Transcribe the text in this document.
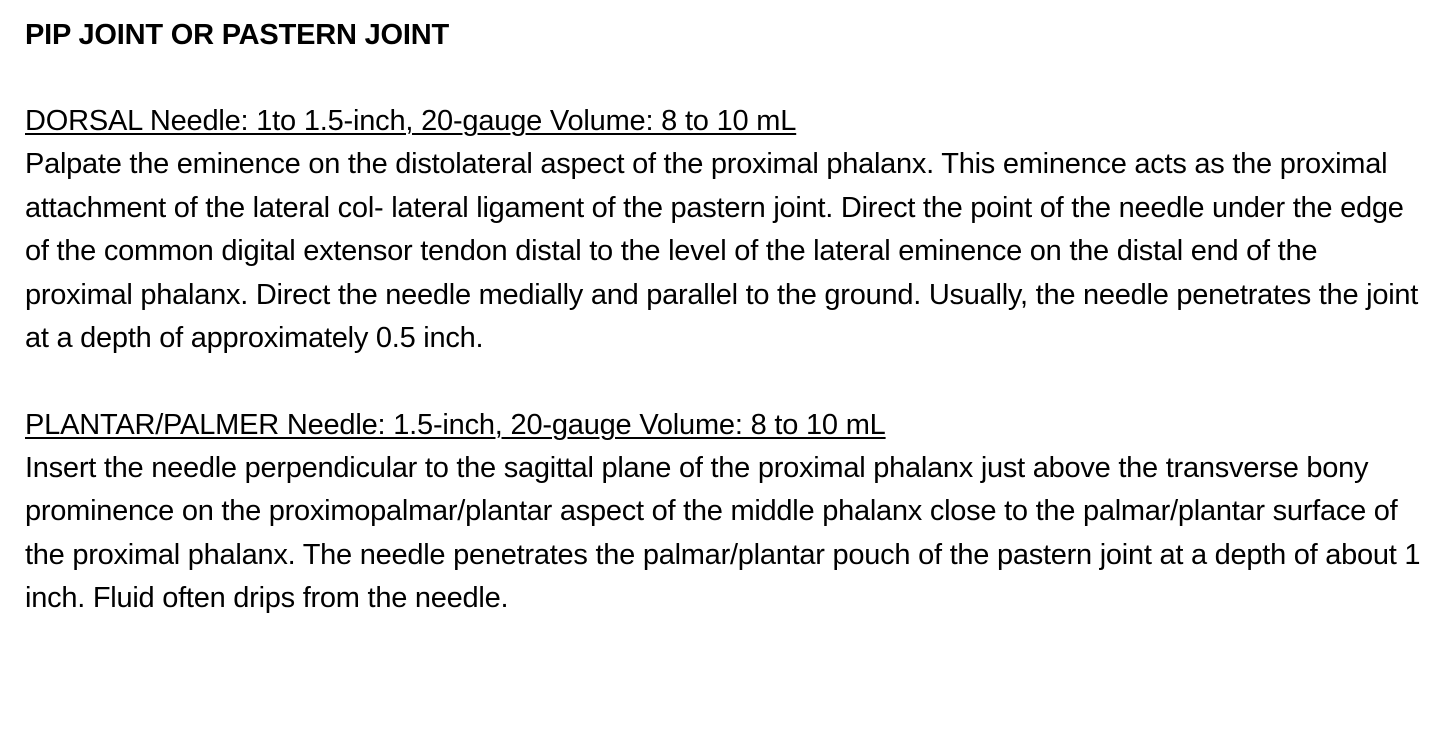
PIP JOINT OR PASTERN JOINT

DORSAL Needle: 1to 1.5-inch, 20-gauge Volume: 8 to 10 mL

Palpate the eminence on the distolateral aspect of the proximal phalanx. This eminence acts as the proximal attachment of the lateral col- lateral ligament of the pastern joint. Direct the point of the needle under the edge of the common digital extensor tendon distal to the level of the lateral eminence on the distal end of the proximal phalanx. Direct the needle medially and parallel to the ground. Usually, the needle penetrates the joint at a depth of approximately 0.5 inch.

PLANTAR/PALMER Needle: 1.5-inch, 20-gauge Volume: 8 to 10 mL

Insert the needle perpendicular to the sagittal plane of the proximal phalanx just above the transverse bony prominence on the proximopalmar/plantar aspect of the middle phalanx close to the palmar/plantar surface of the proximal phalanx. The needle penetrates the palmar/plantar pouch of the pastern joint at a depth of about 1 inch. Fluid often drips from the needle.
